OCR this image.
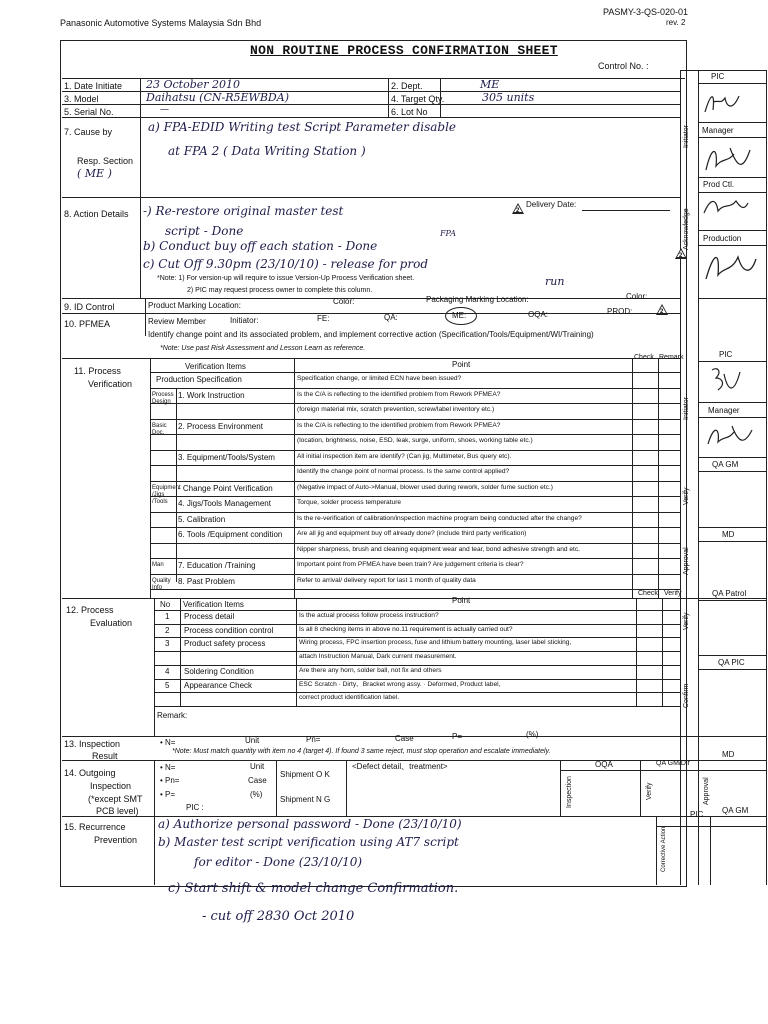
Panasonic Automotive Systems Malaysia Sdn Bhd
PASMY-3-QS-020-01
rev. 2
NON ROUTINE PROCESS CONFIRMATION SHEET
Control No. :
1. Date Initiate 23 October 2010	2. Dept.	ME
3. Model	Daihatsu (CN-R5EWBDA)	4. Target Qty.	305 units
5. Serial No.	—	6. Lot No
7. Cause by
Resp. Section
( ME )
a) FPA-EDID Writing test Script Parameter disable
at FPA 2 ( Data Writing Station )
8. Action Details	2
Delivery Date:
-) Re-restore original master test
script - Done	FPA
b) Conduct buy off each station - Done
c) Cut Off 9.30pm (23/10/10) - release for prod
run
*Note: 1) For version-up will require to issue Version-Up Process Verification sheet.
2) PIC may request process owner to complete this column.
2
PIC
Initiator Manager
Prod Ctl.
Acknowledge Production
9. ID Control	Product Marking Location:	Color:	Packaging Marking Location:	Color:
10. PFMEA	Review Member	Initiator:	FE:	QA:	ME:	OQA:	PROD:	2
Identify change point and its associated problem, and implement corrective action (Specification/Tools/Equipment/WI/Training)
*Note: Use past Risk Assessment and Lesson Learn as reference.
11. Process
Verification
Verification Items	Point
Check Remark
Production Specification	Specification change, or limited ECN have been issued?
Process Design
1. Work Instruction	Is the C/A is reflecting to the identified problem from Rework PFMEA?
(foreign material mix, scratch prevention, screw/label inventory etc.)
Basic Doc.
2. Process Environment	Is the C/A is reflecting to the identified problem from Rework PFMEA?
(location, brightness, noise, ESD, leak, surge, uniform, shoes, working table etc.)
3. Equipment/Tools/System	All initial inspection item are identify? (Can jig, Multimeter, Bus query etc).
Identify the change point of normal process. Is the same control applied?
Equipment /Jigs /Tools
- Change Point Verification	(Negative impact of Auto->Manual, blower used during rework, solder fume suction etc.)
4. Jigs/Tools Management	Torque, solder process temperature
5. Calibration	Is the re-verification of calibration/inspection machine program being conducted after the change?
6. Tools /Equipment condition Are all jig and equipment buy off already done? (include third party verification)
Nipper sharpness, brush and cleaning equipment wear and tear, bond adhesive strength and etc.
Man	7. Education /Training	Important point from PFMEA have been train? Are judgement criteria is clear?
Quality Info
8. Past Problem	Refer to arrival/ delivery report for last 1 month of quality data
PIC
Initiator Manager
QA GM
Verify
MD
Approval
12. Process
Evaluation
Point
Check Verify
No Verification Items
1 Process detail	Is the actual process follow process instruction?
2 Process condition control	Is all 8 checking items in above no.11 requirement is actually carried out?
3 Product safety process	Wiring process, FPC insertion process, fuse and lithium battery mounting, laser label sticking,
attach Instruction Manual, Dark current measurement.
4 Soldering Condition	Are there any horn, solder ball, not fix and others
5 Appearance Check	ESC Scratch · Dirty、Bracket wrong assy. · Deformed, Product label,
correct product identification label.
Remark:
QA Patrol
Verify
QA PIC
Confirm
13. Inspection
Result
• N=	Unit	Pn=	Case	P=	(%)
*Note: Must match quantity with item no 4 (target 4). If found 3 same reject, must stop operation and escalate immediately.	MD
14. Outgoing
Inspection
(*except SMT
PCB level)
• N=	Unit
• Pn=	Case
• P=	(%)
PIC :
Shipment O K
Shipment N G
<Defect detail、treatment>
Inspection
OQA
Verify
QA GM/Dir
Approval
15. Recurrence
Prevention
a) Authorize personal password - Done (23/10/10)
b) Master test script verification using AT7 script
for editor - Done (23/10/10)	Corrective Action
PIC QA GM
c) Start shift & model change Confirmation.
- cut off 2830 Oct 2010
